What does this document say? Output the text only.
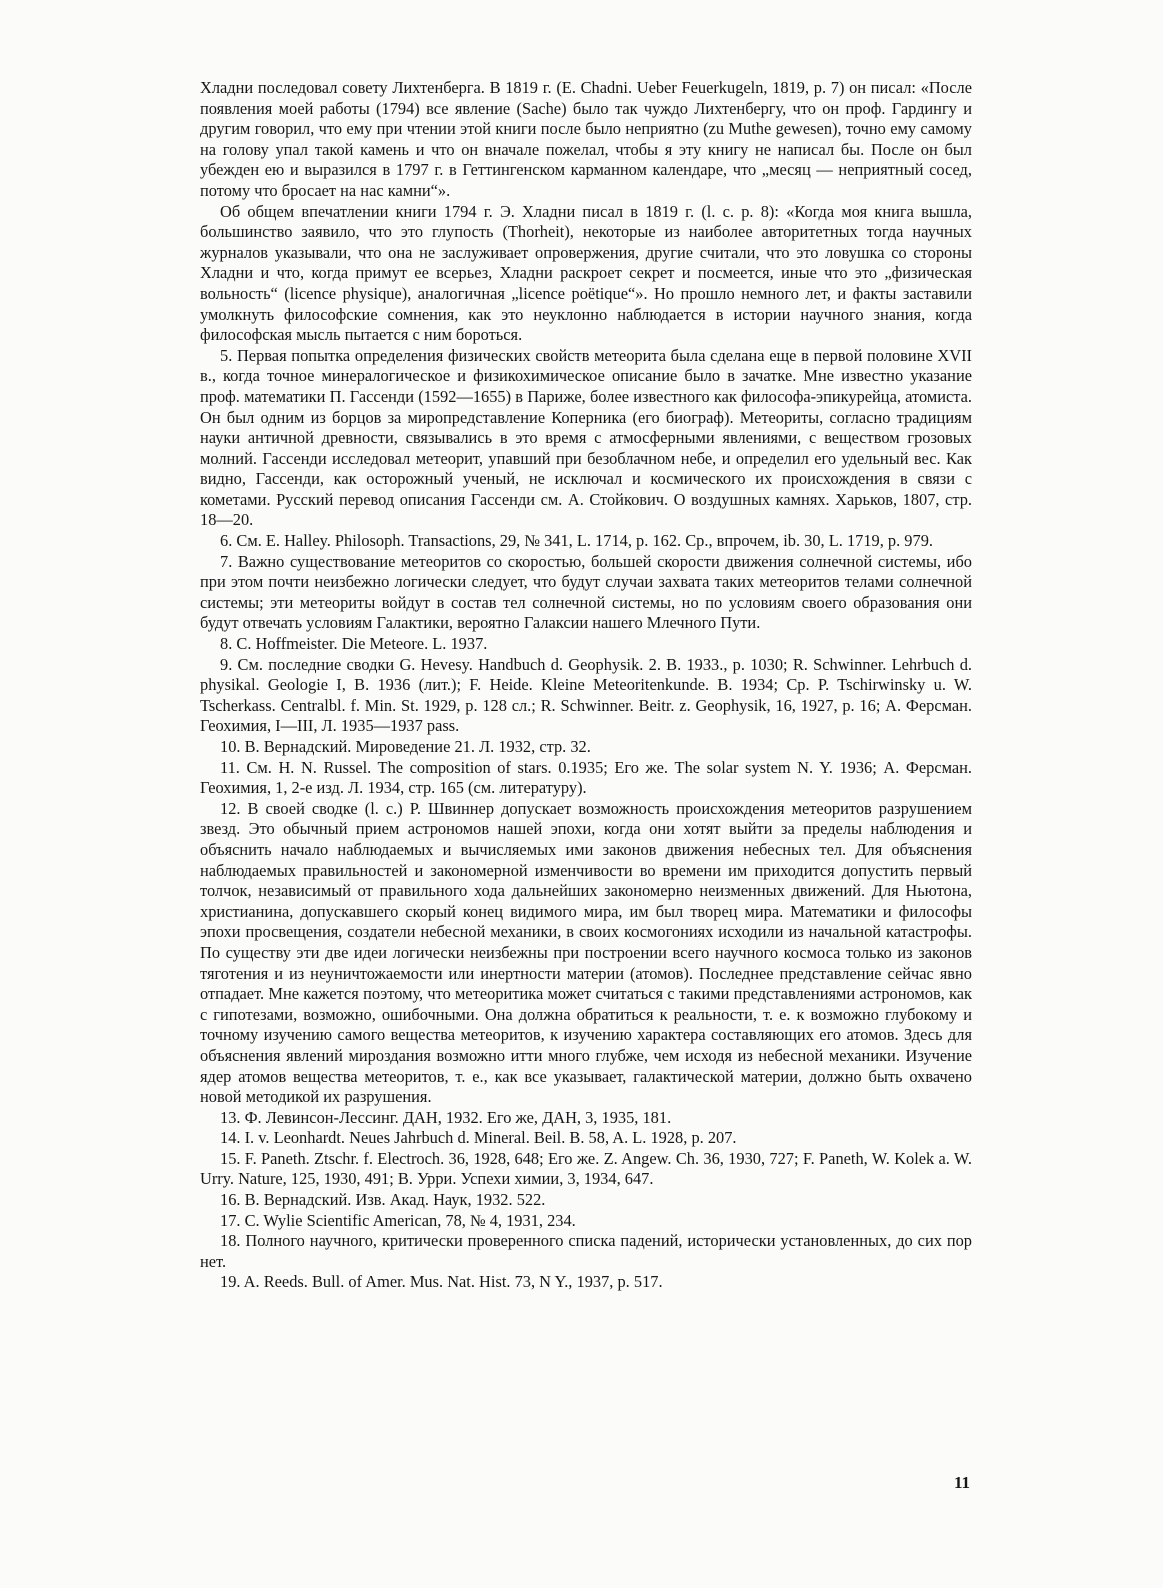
Хладни последовал совету Лихтенберга. В 1819 г. (E. Chadni. Ueber Feuerkugeln, 1819, p. 7) он писал: «После появления моей работы (1794) все явление (Sache) было так чуждо Лихтенбергу, что он проф. Гардингу и другим говорил, что ему при чтении этой книги после было неприятно (zu Muthe gewesen), точно ему самому на голову упал такой камень и что он вначале пожелал, чтобы я эту книгу не написал бы. После он был убежден ею и выразился в 1797 г. в Геттингенском карманном календаре, что „месяц — неприятный сосед, потому что бросает на нас камни“».

Об общем впечатлении книги 1794 г. Э. Хладни писал в 1819 г. (l. c. p. 8): «Когда моя книга вышла, большинство заявило, что это глупость (Thorheit), некоторые из наиболее авторитетных тогда научных журналов указывали, что она не заслуживает опровержения, другие считали, что это ловушка со стороны Хладни и что, когда примут ее всерьез, Хладни раскроет секрет и посмеется, иные что это „физическая вольность“ (licence physique), аналогичная „licence poëtique“». Но прошло немного лет, и факты заставили умолкнуть философские сомнения, как это неуклонно наблюдается в истории научного знания, когда философская мысль пытается с ним бороться.

5. Первая попытка определения физических свойств метеорита была сделана еще в первой половине XVII в., когда точное минералогическое и физикохимическое описание было в зачатке. Мне известно указание проф. математики П. Гассенди (1592—1655) в Париже, более известного как философа-эпикурейца, атомиста. Он был одним из борцов за миропредставление Коперника (его биограф). Метеориты, согласно традициям науки античной древности, связывались в это время с атмосферными явлениями, с веществом грозовых молний. Гассенди исследовал метеорит, упавший при безоблачном небе, и определил его удельный вес. Как видно, Гассенди, как осторожный ученый, не исключал и космического их происхождения в связи с кометами. Русский перевод описания Гассенди см. А. Стойкович. О воздушных камнях. Харьков, 1807, стр. 18—20.

6. См. E. Halley. Philosoph. Transactions, 29, № 341, L. 1714, p. 162. Ср., впрочем, ib. 30, L. 1719, p. 979.

7. Важно существование метеоритов со скоростью, большей скорости движения солнечной системы, ибо при этом почти неизбежно логически следует, что будут случаи захвата таких метеоритов телами солнечной системы; эти метеориты войдут в состав тел солнечной системы, но по условиям своего образования они будут отвечать условиям Галактики, вероятно Галаксии нашего Млечного Пути.

8. C. Hoffmeister. Die Meteore. L. 1937.

9. См. последние сводки G. Hevesy. Handbuch d. Geophysik. 2. B. 1933., p. 1030; R. Schwinner. Lehrbuch d. physikal. Geologie I, B. 1936 (лит.); F. Heide. Kleine Meteoritenkunde. B. 1934; Cp. P. Tschirwinsky u. W. Tscherkass. Centralbl. f. Min. St. 1929, p. 128 сл.; R. Schwinner. Beitr. z. Geophysik, 16, 1927, p. 16; А. Ферсман. Геохимия, I—III, Л. 1935—1937 pass.

10. В. Вернадский. Мироведение 21. Л. 1932, стр. 32.

11. См. H. N. Russel. The composition of stars. 0.1935; Его же. The solar system N. Y. 1936; А. Ферсман. Геохимия, 1, 2-е изд. Л. 1934, стр. 165 (см. литературу).

12. В своей сводке (l. c.) Р. Швиннер допускает возможность происхождения метеоритов разрушением звезд. Это обычный прием астрономов нашей эпохи, когда они хотят выйти за пределы наблюдения и объяснить начало наблюдаемых и вычисляемых ими законов движения небесных тел. Для объяснения наблюдаемых правильностей и закономерной изменчивости во времени им приходится допустить первый толчок, независимый от правильного хода дальнейших закономерно неизменных движений. Для Ньютона, христианина, допускавшего скорый конец видимого мира, им был творец мира. Математики и философы эпохи просвещения, создатели небесной механики, в своих космогониях исходили из начальной катастрофы. По существу эти две идеи логически неизбежны при построении всего научного космоса только из законов тяготения и из неуничтожаемости или инертности материи (атомов). Последнее представление сейчас явно отпадает. Мне кажется поэтому, что метеоритика может считаться с такими представлениями астрономов, как с гипотезами, возможно, ошибочными. Она должна обратиться к реальности, т. е. к возможно глубокому и точному изучению самого вещества метеоритов, к изучению характера составляющих его атомов. Здесь для объяснения явлений мироздания возможно итти много глубже, чем исходя из небесной механики. Изучение ядер атомов вещества метеоритов, т. е., как все указывает, галактической материи, должно быть охвачено новой методикой их разрушения.

13. Ф. Левинсон-Лессинг. ДАН, 1932. Его же, ДАН, 3, 1935, 181.

14. I. v. Leonhardt. Neues Jahrbuch d. Mineral. Beil. B. 58, A. L. 1928, p. 207.

15. F. Paneth. Ztschr. f. Electroch. 36, 1928, 648; Его же. Z. Angew. Ch. 36, 1930, 727; F. Paneth, W. Kolek a. W. Urry. Nature, 125, 1930, 491; В. Урри. Успехи химии, 3, 1934, 647.

16. В. Вернадский. Изв. Акад. Наук, 1932. 522.

17. C. Wylie Scientific American, 78, № 4, 1931, 234.

18. Полного научного, критически проверенного списка падений, исторически установленных, до сих пор нет.

19. A. Reeds. Bull. of Amer. Mus. Nat. Hist. 73, N Y., 1937, p. 517.

11
